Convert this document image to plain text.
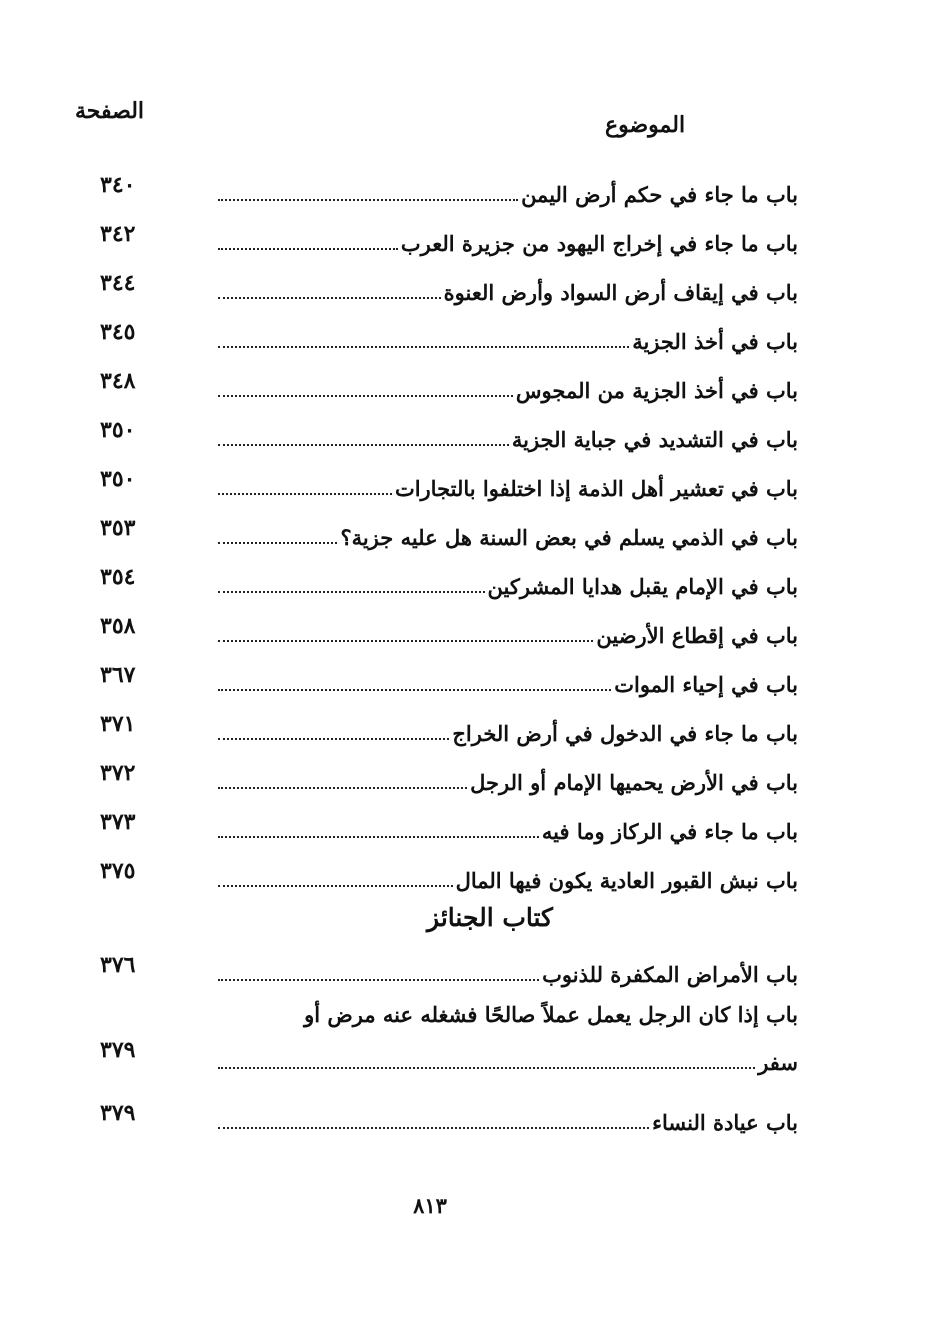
الصفحة
الموضوع
باب ما جاء في حكم أرض اليمن
٣٤٠
باب ما جاء في إخراج اليهود من جزيرة العرب
٣٤٢
باب في إيقاف أرض السواد وأرض العنوة
٣٤٤
باب في أخذ الجزية
٣٤٥
باب في أخذ الجزية من المجوس
٣٤٨
باب في التشديد في جباية الجزية
٣٥٠
باب في تعشير أهل الذمة إذا اختلفوا بالتجارات
٣٥٠
باب في الذمي يسلم في بعض السنة هل عليه جزية؟
٣٥٣
باب في الإمام يقبل هدايا المشركين
٣٥٤
باب في إقطاع الأرضين
٣٥٨
باب في إحياء الموات
٣٦٧
باب ما جاء في الدخول في أرض الخراج
٣٧١
باب في الأرض يحميها الإمام أو الرجل
٣٧٢
باب ما جاء في الركاز وما فيه
٣٧٣
باب نبش القبور العادية يكون فيها المال
٣٧٥
كتاب الجنائز
باب الأمراض المكفرة للذنوب
٣٧٦
باب إذا كان الرجل يعمل عملاً صالحًا فشغله عنه مرض أو
سفر
٣٧٩
باب عيادة النساء
٣٧٩
٨١٣
